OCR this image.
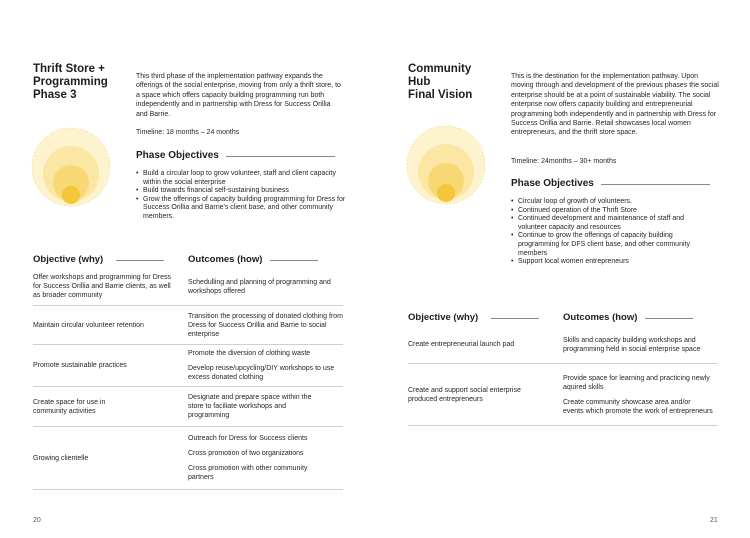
Thrift Store +
Programming
Phase 3
This third phase of the implementation pathway expands the offerings of the social enterprise, moving from only a thrift store, to a space which offers capacity building programming run both independently and in partnership with Dress for Success Orillia and Barrie.
Timeline: 18 months – 24 months
Phase Objectives
• Build a circular loop to grow volunteer, staff and client capacity within the social enterprise
• Build towards financial self-sustaining business
• Grow the offerings of capacity building programming for Dress for Success Orillia and Barrie's client base, and other community members.
Objective (why)	Outcomes (how)
Offer workshops and programming for Dress for Success Orillia and Barrie clients, as well as broader community
Schedulling and planning of programming and workshops offered
Maintain circular volunteer retention
Transition the processing of donated clothing from Dress for Success Orillia and Barrie to social enterprise
Promote sustainable practices
Promote the diversion of clothing waste
Develop reuse/upcycling/DIY workshops to use excess donated clothing
Create space for use in community activities
Designate and prepare space within the store to faciliate workshops and programming
Growing clientelle
Outreach for Dress for Success clients
Cross promotion of two organizations
Cross promotion with other community partners
20
Community
Hub
Final Vision
This is the destination for the implementation pathway. Upon moving through and development of the previous phases the social enterprise should be at a point of sustainable viability. The social enterprise now offers capacity building and entrepreneurial programming both independently and in partnership with Dress for Success Orillia and Barrie. Retail showcases local women entrepreneurs, and the thrift store space.
Timeline: 24months – 30+ months
Phase Objectives
• Circular loop of growth of volunteers.
• Continued operation of the Thrift Store
• Continued development and maintenance of staff and volunteer capacity and resources
• Continue to grow the offerings of capacity building programming for DFS client base, and other community members
• Support local women entrepreneurs
Objective (why)	Outcomes (how)
Create entrepreneurial launch pad
Skills and capacity building workshops and programming held in social enterprise space
Create and support social enterprise produced entrepreneurs
Provide space for learning and practicing newly aquired skills
Create community showcase area and/or events which promote the work of entrepreneurs
21
